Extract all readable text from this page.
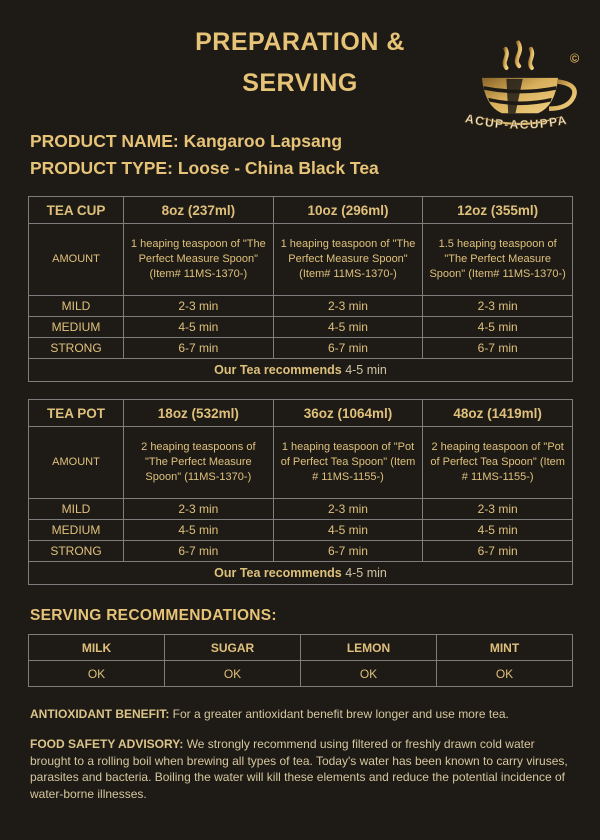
©
ACUP-ACUPPA
PREPARATION &
SERVING
PRODUCT NAME: Kangaroo Lapsang
PRODUCT TYPE: Loose - China Black Tea
TEA CUP	8oz (237ml)	10oz (296ml)	12oz (355ml)
AMOUNT	1 heaping teaspoon of "The Perfect Measure Spoon" (Item# 11MS-1370-)	1 heaping teaspoon of "The Perfect Measure Spoon" (Item# 11MS-1370-)	1.5 heaping teaspoon of "The Perfect Measure Spoon" (Item# 11MS-1370-)
MILD	2-3 min	2-3 min	2-3 min
MEDIUM	4-5 min	4-5 min	4-5 min
STRONG	6-7 min	6-7 min	6-7 min
Our Tea recommends 4-5 min			
TEA POT	18oz (532ml)	36oz (1064ml)	48oz (1419ml)
AMOUNT	2 heaping teaspoons of "The Perfect Measure Spoon" (11MS-1370-)	1 heaping teaspoon of "Pot of Perfect Tea Spoon" (Item # 11MS-1155-)	2 heaping teaspoon of "Pot of Perfect Tea Spoon" (Item # 11MS-1155-)
MILD	2-3 min	2-3 min	2-3 min
MEDIUM	4-5 min	4-5 min	4-5 min
STRONG	6-7 min	6-7 min	6-7 min
Our Tea recommends 4-5 min			
SERVING RECOMMENDATIONS:
MILK	SUGAR	LEMON	MINT
OK	OK	OK	OK
ANTIOXIDANT BENEFIT: For a greater antioxidant benefit brew longer and use more tea.
FOOD SAFETY ADVISORY: We strongly recommend using filtered or freshly drawn cold water brought to a rolling boil when brewing all types of tea. Today's water has been known to carry viruses, parasites and bacteria. Boiling the water will kill these elements and reduce the potential incidence of water-borne illnesses.
